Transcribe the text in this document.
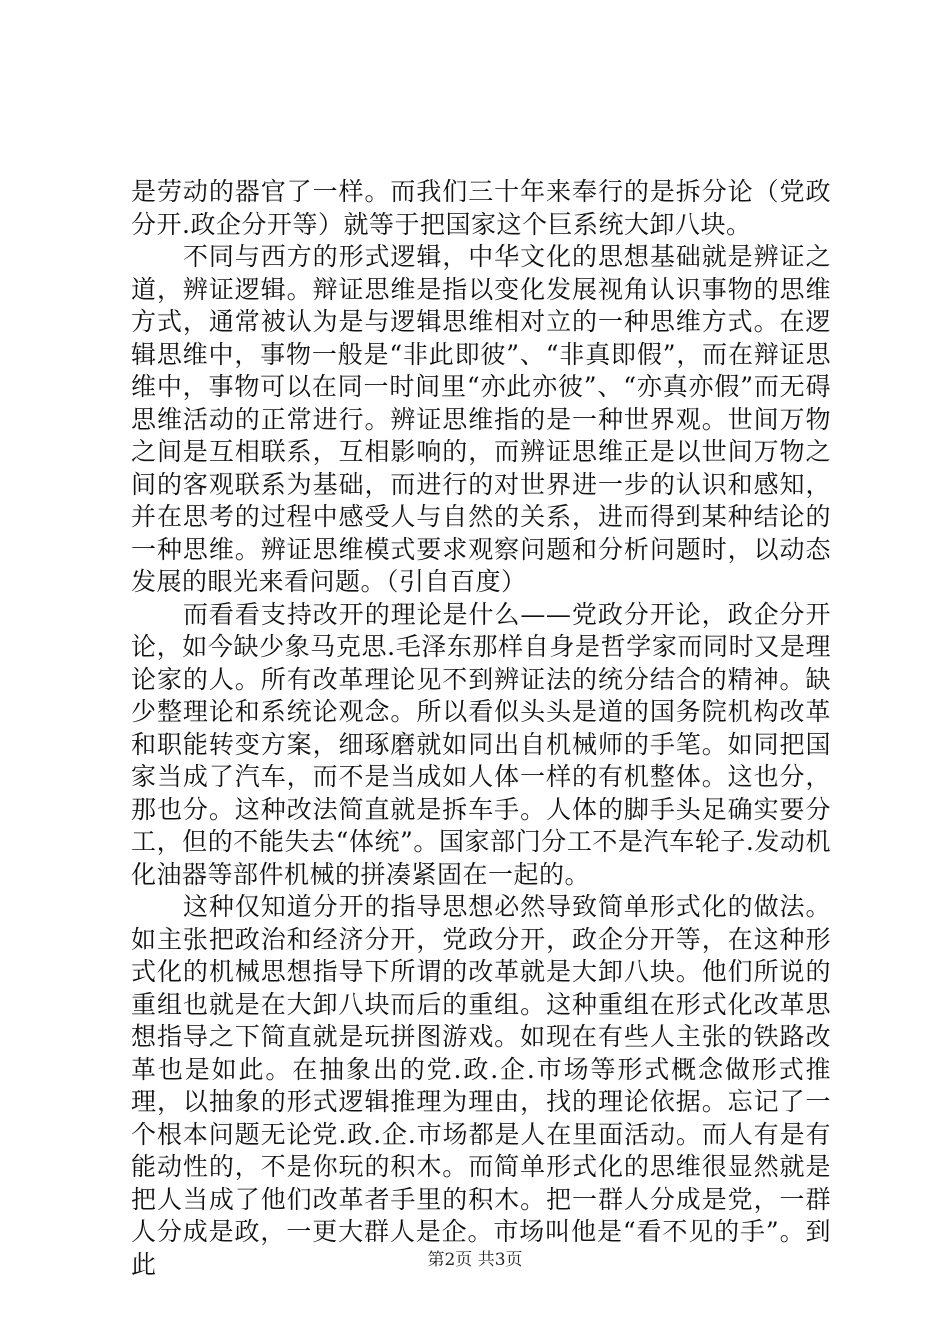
是劳动的器官了一样。而我们三十年来奉行的是拆分论（党政分开.政企分开等）就等于把国家这个巨系统大卸八块。

不同与西方的形式逻辑，中华文化的思想基础就是辨证之道，辨证逻辑。辩证思维是指以变化发展视角认识事物的思维方式，通常被认为是与逻辑思维相对立的一种思维方式。在逻辑思维中，事物一般是“非此即彼”、“非真即假”，而在辩证思维中，事物可以在同一时间里“亦此亦彼”、“亦真亦假”而无碍思维活动的正常进行。辨证思维指的是一种世界观。世间万物之间是互相联系，互相影响的，而辨证思维正是以世间万物之间的客观联系为基础，而进行的对世界进一步的认识和感知，并在思考的过程中感受人与自然的关系，进而得到某种结论的一种思维。辨证思维模式要求观察问题和分析问题时，以动态发展的眼光来看问题。（引自百度）

而看看支持改开的理论是什么——党政分开论，政企分开论，如今缺少象马克思.毛泽东那样自身是哲学家而同时又是理论家的人。所有改革理论见不到辨证法的统分结合的精神。缺少整理论和系统论观念。所以看似头头是道的国务院机构改革和职能转变方案，细琢磨就如同出自机械师的手笔。如同把国家当成了汽车，而不是当成如人体一样的有机整体。这也分，那也分。这种改法简直就是拆车手。人体的脚手头足确实要分工，但的不能失去“体统”。国家部门分工不是汽车轮子.发动机化油器等部件机械的拼凑紧固在一起的。

这种仅知道分开的指导思想必然导致简单形式化的做法。如主张把政治和经济分开，党政分开，政企分开等，在这种形式化的机械思想指导下所谓的改革就是大卸八块。他们所说的重组也就是在大卸八块而后的重组。这种重组在形式化改革思想指导之下简直就是玩拼图游戏。如现在有些人主张的铁路改革也是如此。在抽象出的党.政.企.市场等形式概念做形式推理，以抽象的形式逻辑推理为理由，找的理论依据。忘记了一个根本问题无论党.政.企.市场都是人在里面活动。而人有是有能动性的，不是你玩的积木。而简单形式化的思维很显然就是把人当成了他们改革者手里的积木。把一群人分成是党，一群人分成是政，一更大群人是企。市场叫他是“看不见的手”。到此	第2页 共3页
